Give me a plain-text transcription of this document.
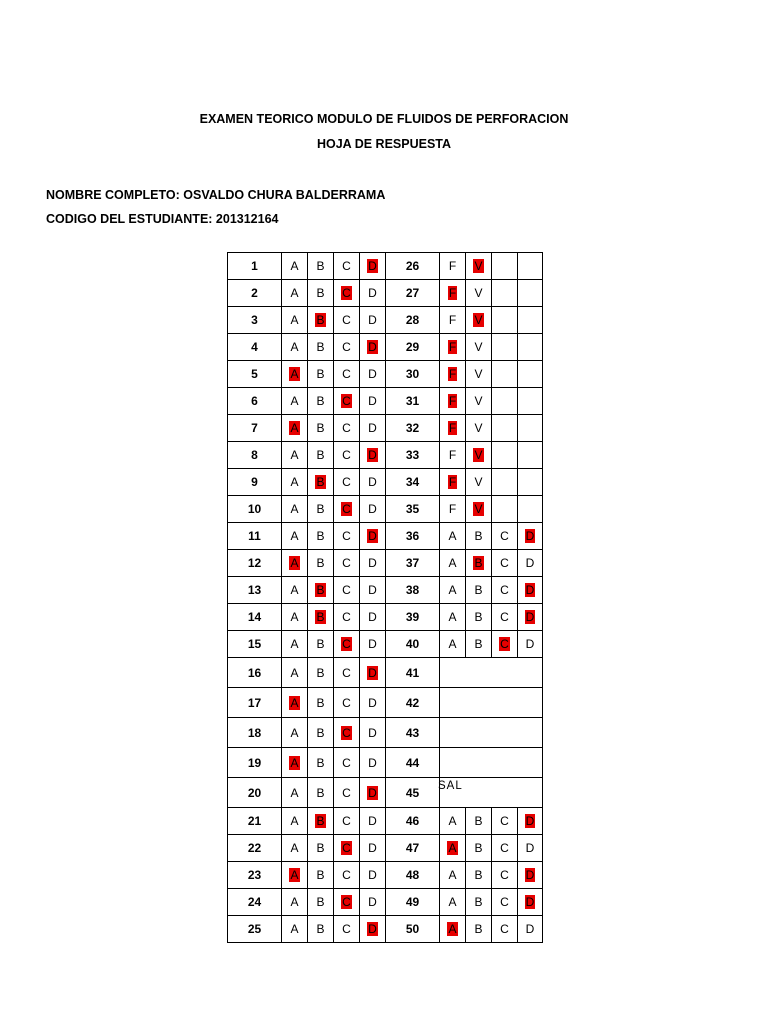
EXAMEN TEORICO MODULO DE FLUIDOS DE PERFORACION
HOJA DE RESPUESTA
NOMBRE COMPLETO: OSVALDO CHURA BALDERRAMA
CODIGO DEL ESTUDIANTE: 201312164
1	A	B	C	D	26	F	V		
2	A	B	C	D	27	F	V		
3	A	B	C	D	28	F	V		
4	A	B	C	D	29	F	V		
5	A	B	C	D	30	F	V		
6	A	B	C	D	31	F	V		
7	A	B	C	D	32	F	V		
8	A	B	C	D	33	F	V		
9	A	B	C	D	34	F	V		
10	A	B	C	D	35	F	V		
11	A	B	C	D	36	A	B	C	D
12	A	B	C	D	37	A	B	C	D
13	A	B	C	D	38	A	B	C	D
14	A	B	C	D	39	A	B	C	D
15	A	B	C	D	40	A	B	C	D
16	A	B	C	D	41				
17	A	B	C	D	42				
18	A	B	C	D	43				
19	A	B	C	D	44				
20	A	B	C	D	45	SAL			
21	A	B	C	D	46	A	B	C	D
22	A	B	C	D	47	A	B	C	D
23	A	B	C	D	48	A	B	C	D
24	A	B	C	D	49	A	B	C	D
25	A	B	C	D	50	A	B	C	D
